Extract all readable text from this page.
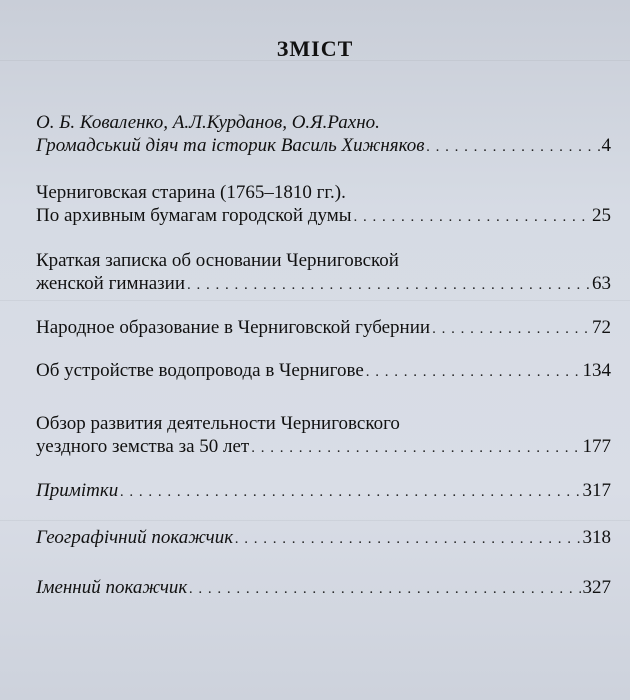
ЗМІСТ
О. Б. Коваленко, А.Л.Курданов, О.Я.Рахно.
Громадський діяч та історик Василь Хижняков . . .	4
Черниговская старина (1765–1810 гг.).
По архивным бумагам городской думы . . .	25
Краткая записка об основании Черниговской
женской гимназии . . .	63
Народное образование в Черниговской губернии . . .	72
Об устройстве водопровода в Чернигове . . .	134
Обзор развития деятельности Черниговского
уездного земства за 50 лет . . .	177
Примітки . . .	317
Географічний покажчик . . .	318
Іменний покажчик . . .	327
